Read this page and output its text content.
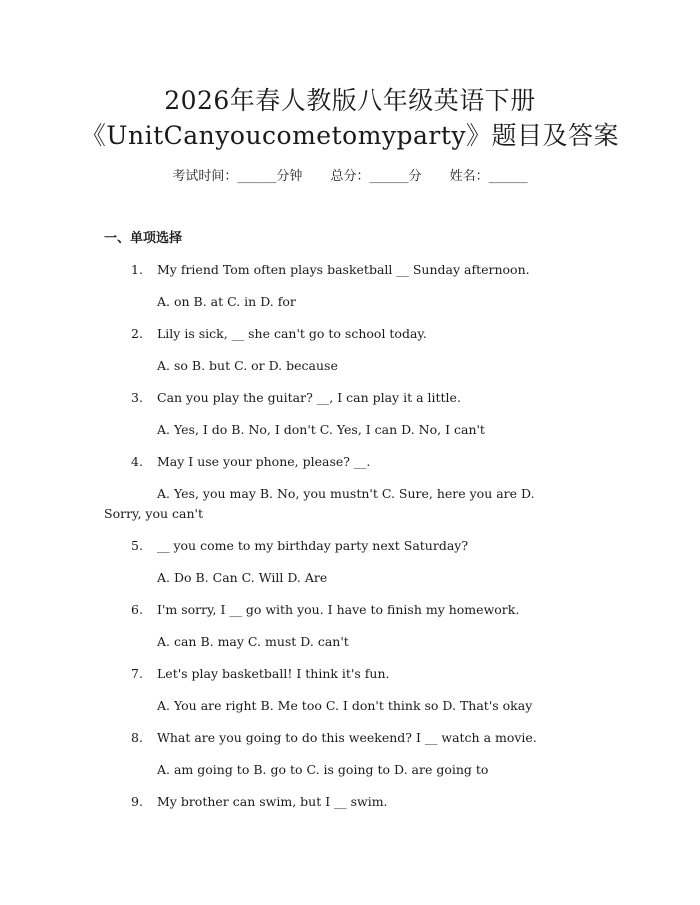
2026年春人教版八年级英语下册
《UnitCanyoucometomyparty》题目及答案
考试时间：______分钟 总分：______分 姓名：______
一、单项选择
1.	My friend Tom often plays basketball __ Sunday afternoon.
A. on B. at C. in D. for
2.	Lily is sick, __ she can't go to school today.
A. so B. but C. or D. because
3.	Can you play the guitar? __, I can play it a little.
A. Yes, I do B. No, I don't C. Yes, I can D. No, I can't
4.	May I use your phone, please? __.
A. Yes, you may B. No, you mustn't C. Sure, here you are D.
Sorry, you can't
5.	__ you come to my birthday party next Saturday?
A. Do B. Can C. Will D. Are
6.	I'm sorry, I __ go with you. I have to finish my homework.
A. can B. may C. must D. can't
7.	Let's play basketball! I think it's fun.
A. You are right B. Me too C. I don't think so D. That's okay
8.	What are you going to do this weekend? I __ watch a movie.
A. am going to B. go to C. is going to D. are going to
9.	My brother can swim, but I __ swim.
